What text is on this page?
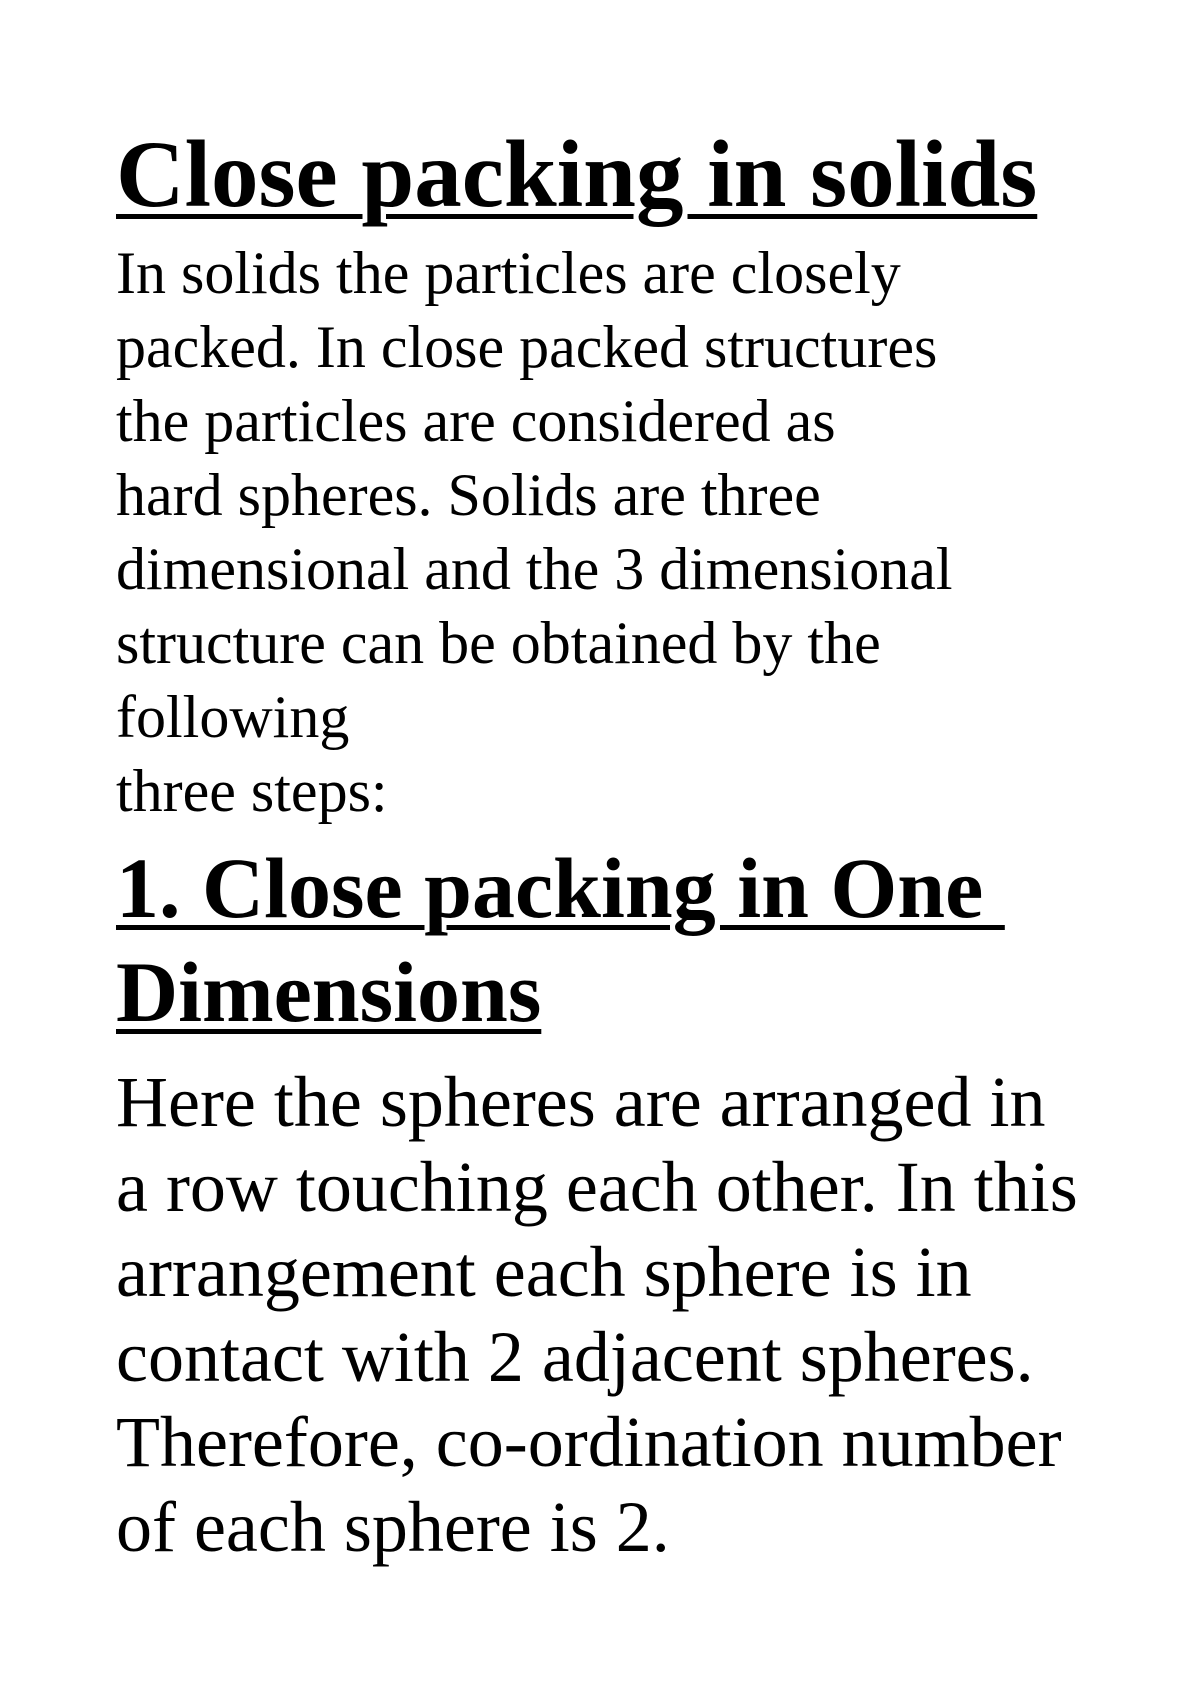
Close packing in solids

In solids the particles are closely
packed. In close packed structures
the particles are considered as
hard spheres. Solids are three
dimensional and the 3 dimensional
structure can be obtained by the
following
three steps:

1. Close packing in One
Dimensions

Here the spheres are arranged in
a row touching each other. In this
arrangement each sphere is in
contact with 2 adjacent spheres.
Therefore, co-ordination number
of each sphere is 2.
